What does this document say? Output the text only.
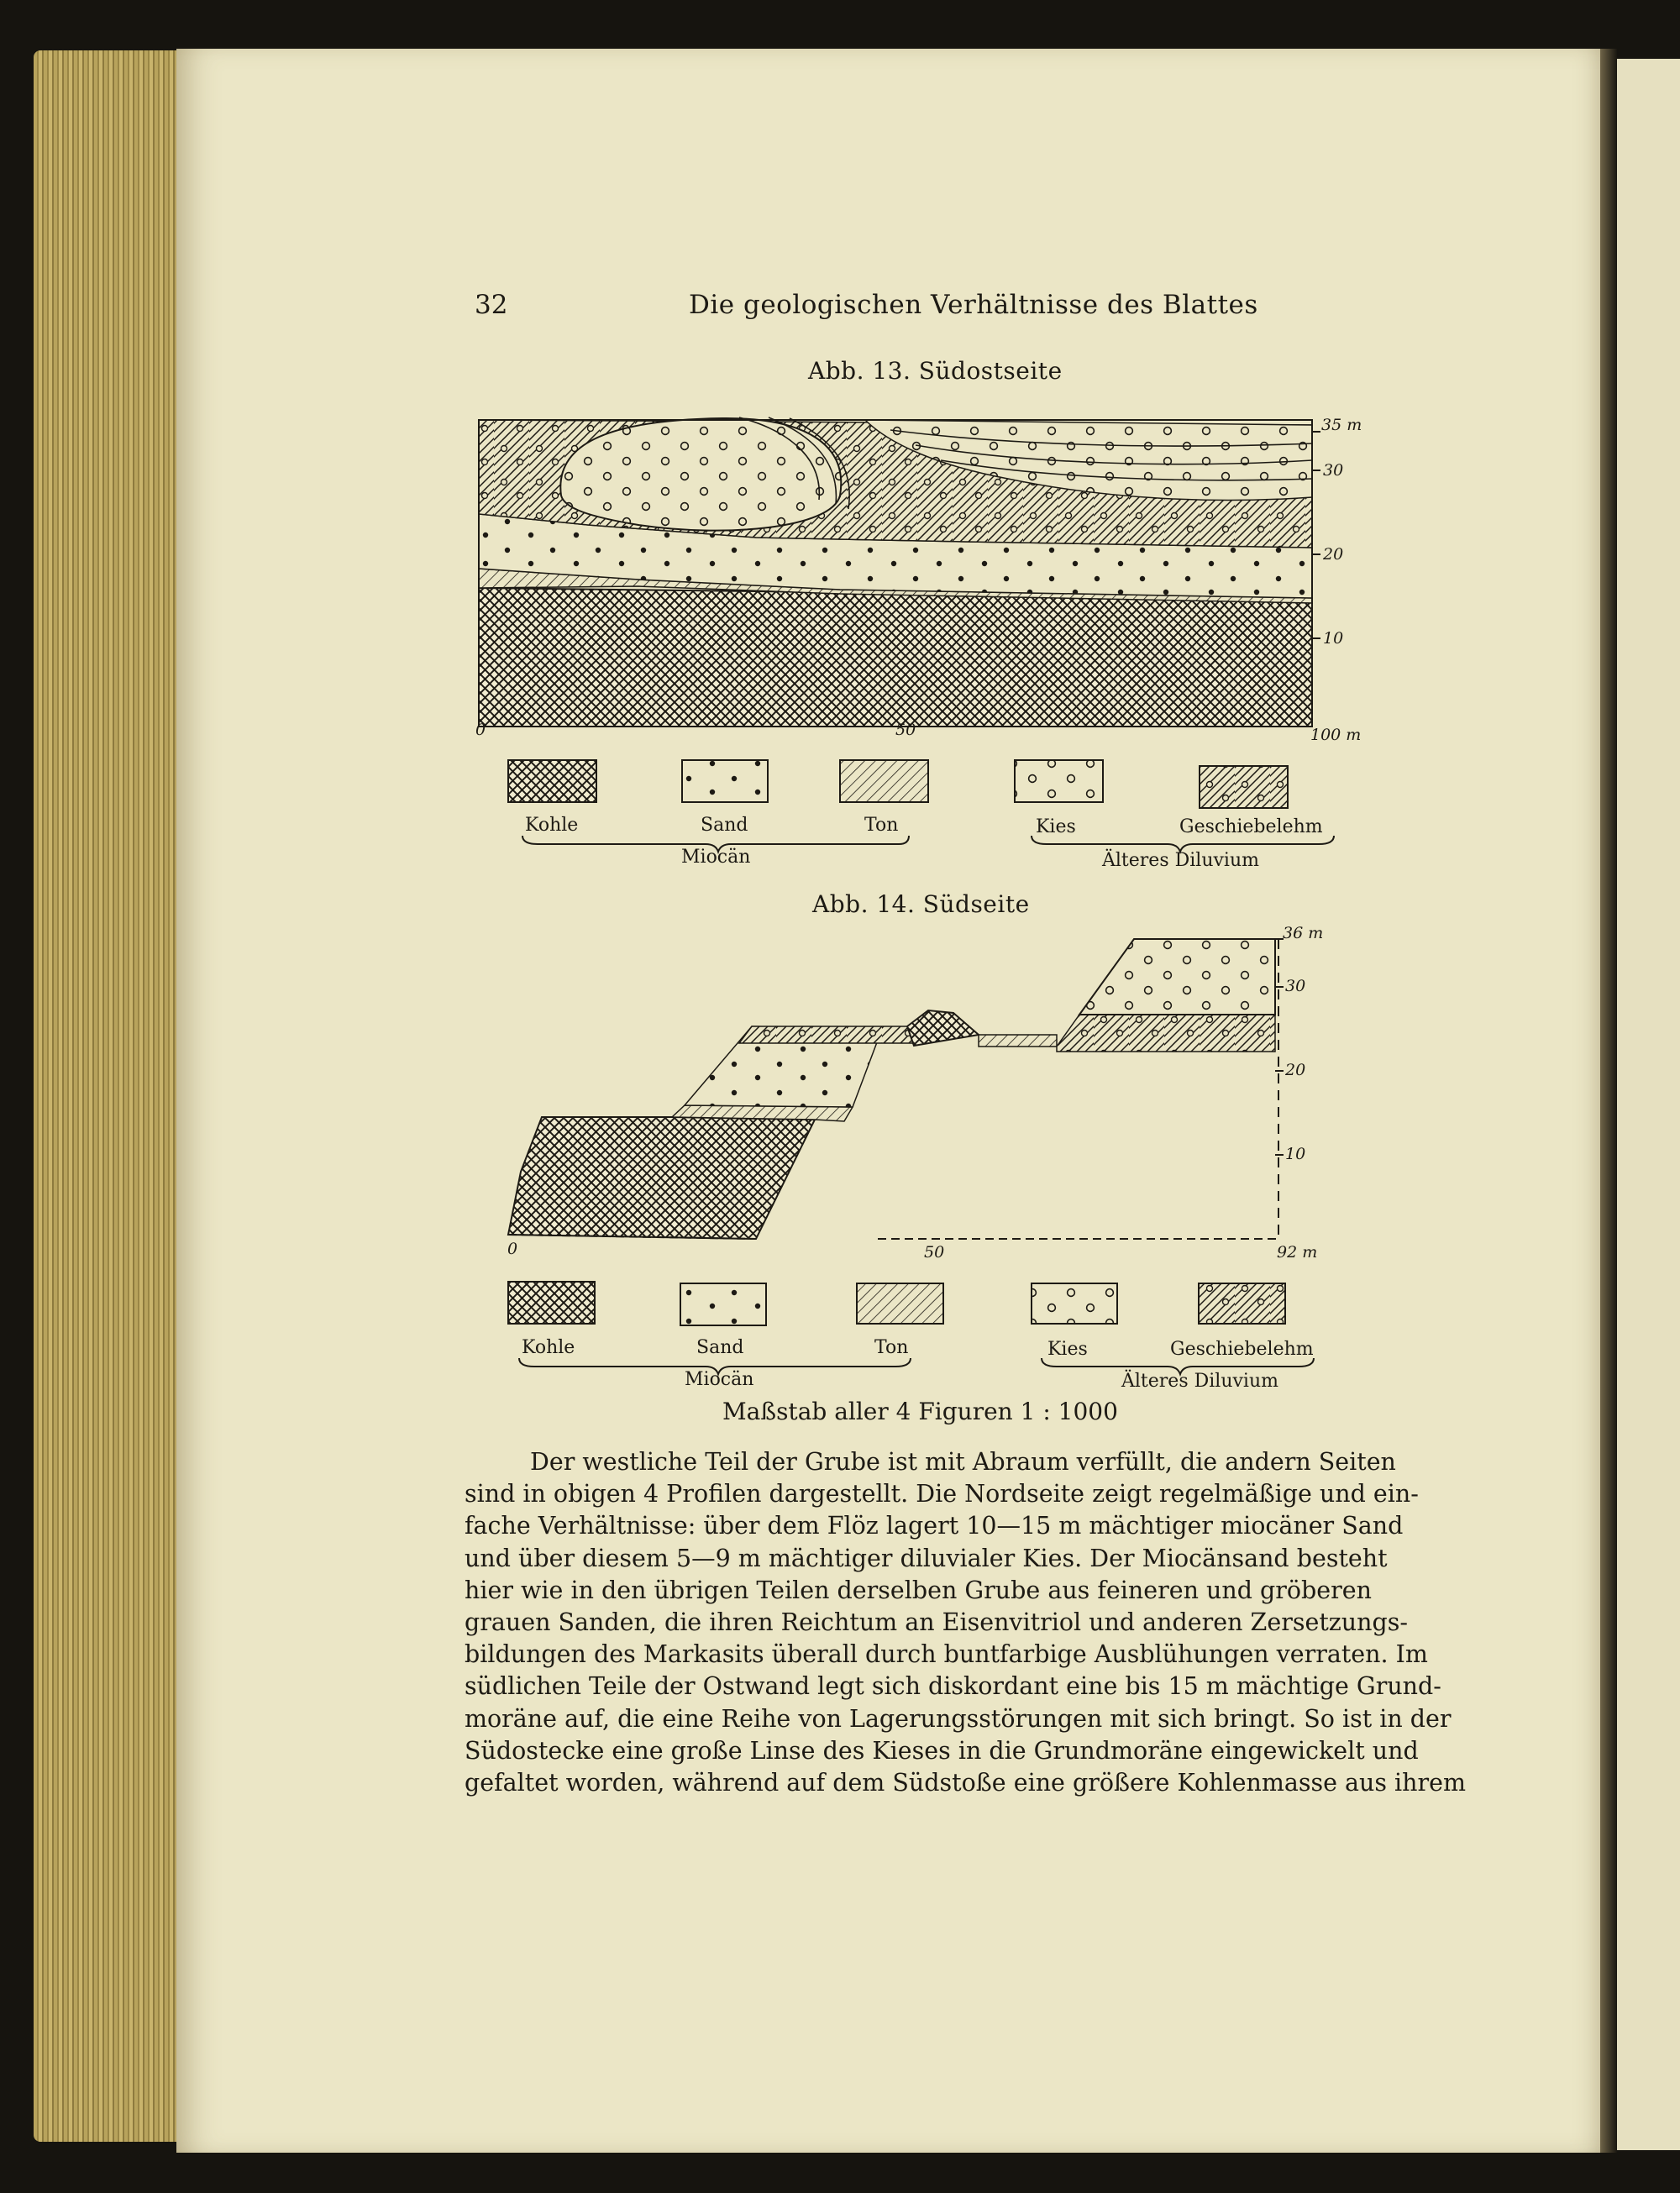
32	Die geologischen Verhältnisse des Blattes
Abb. 13. Südostseite
Abb. 14. Südseite
0	50	100 m
35 m
30
20
10
Kohle	Sand	Ton	Kies	Geschiebelehm
Miocän	Älteres Diluvium
0	50	92 m
36 m
30
20
10
Kohle	Sand	Ton	Kies	Geschiebelehm
Miocän	Älteres Diluvium
Maßstab aller 4 Figuren 1 : 1000
Der westliche Teil der Grube ist mit Abraum verfüllt, die andern Seiten
sind in obigen 4 Profilen dargestellt. Die Nordseite zeigt regelmäßige und ein-
fache Verhältnisse: über dem Flöz lagert 10—15 m mächtiger miocäner Sand
und über diesem 5—9 m mächtiger diluvialer Kies. Der Miocänsand besteht
hier wie in den übrigen Teilen derselben Grube aus feineren und gröberen
grauen Sanden, die ihren Reichtum an Eisenvitriol und anderen Zersetzungs-
bildungen des Markasits überall durch buntfarbige Ausblühungen verraten. Im
südlichen Teile der Ostwand legt sich diskordant eine bis 15 m mächtige Grund-
moräne auf, die eine Reihe von Lagerungsstörungen mit sich bringt. So ist in der
Südostecke eine große Linse des Kieses in die Grundmoräne eingewickelt und
gefaltet worden, während auf dem Südstoße eine größere Kohlenmasse aus ihrem
